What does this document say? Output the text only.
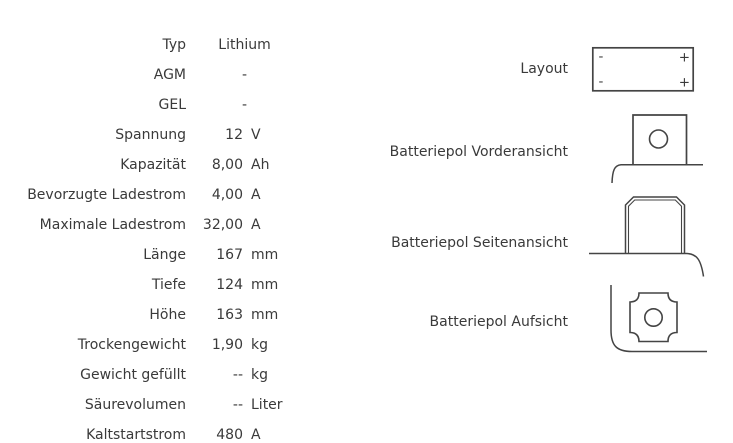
Typ	Lithium
AGM	-
GEL	-
Spannung	12 V
Kapazität	8,00 Ah
Bevorzugte Ladestrom	4,00 A
Maximale Ladestrom	32,00 A
Länge	167 mm
Tiefe	124 mm
Höhe	163 mm
Trockengewicht	1,90 kg
Gewicht gefüllt	-- kg
Säurevolumen	-- Liter
Kaltstartstrom	480 A
Layout
Batteriepol Vorderansicht
Batteriepol Seitenansicht
Batteriepol Aufsicht
-	+
-	+
